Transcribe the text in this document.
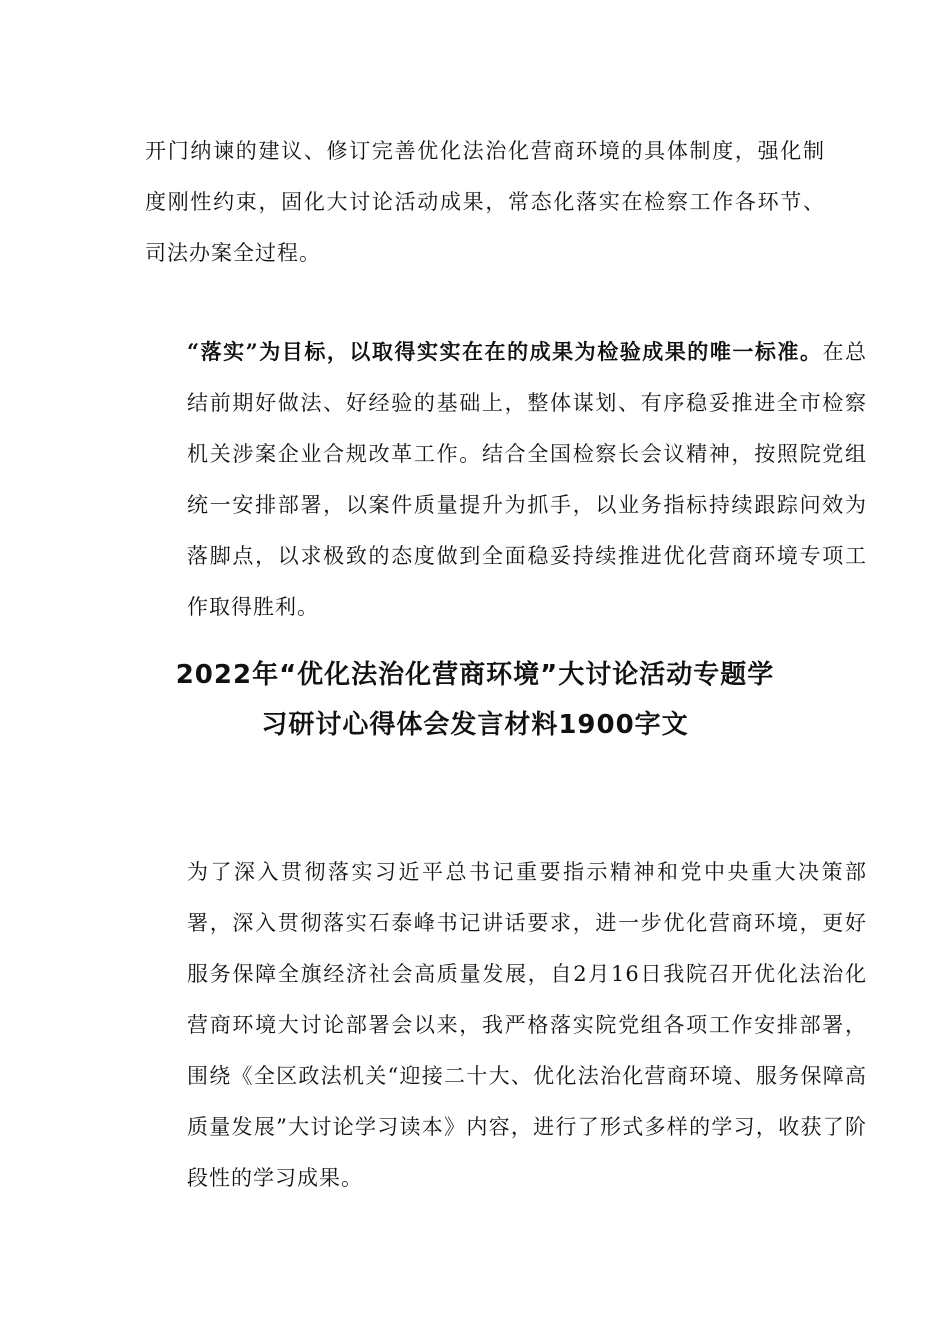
开门纳谏的建议、修订完善优化法治化营商环境的具体制度，强化制度刚性约束，固化大讨论活动成果，常态化落实在检察工作各环节、司法办案全过程。

“落实”为目标，以取得实实在在的成果为检验成果的唯一标准。在总结前期好做法、好经验的基础上，整体谋划、有序稳妥推进全市检察机关涉案企业合规改革工作。结合全国检察长会议精神，按照院党组统一安排部署，以案件质量提升为抓手，以业务指标持续跟踪问效为落脚点，以求极致的态度做到全面稳妥持续推进优化营商环境专项工作取得胜利。

2022年“优化法治化营商环境”大讨论活动专题学
习研讨心得体会发言材料1900字文

为了深入贯彻落实习近平总书记重要指示精神和党中央重大决策部署，深入贯彻落实石泰峰书记讲话要求，进一步优化营商环境，更好服务保障全旗经济社会高质量发展，自2月16日我院召开优化法治化营商环境大讨论部署会以来，我严格落实院党组各项工作安排部署，围绕《全区政法机关“迎接二十大、优化法治化营商环境、服务保障高质量发展”大讨论学习读本》内容，进行了形式多样的学习，收获了阶段性的学习成果。
